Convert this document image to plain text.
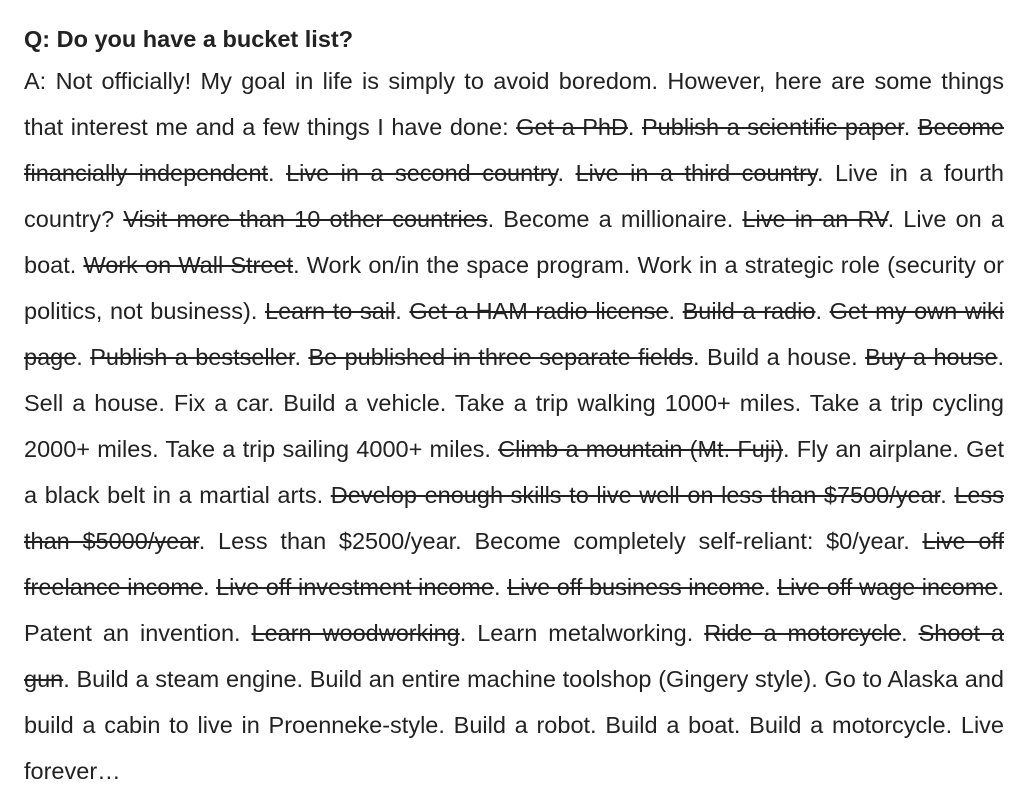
Q: Do you have a bucket list?

A: Not officially! My goal in life is simply to avoid boredom. However, here are some things that interest me and a few things I have done: Get a PhD. Publish a scientific paper. Become financially independent. Live in a second country. Live in a third country. Live in a fourth country? Visit more than 10 other countries. Become a millionaire. Live in an RV. Live on a boat. Work on Wall Street. Work on/in the space program. Work in a strategic role (security or politics, not business). Learn to sail. Get a HAM radio license. Build a radio. Get my own wiki page. Publish a bestseller. Be published in three separate fields. Build a house. Buy a house. Sell a house. Fix a car. Build a vehicle. Take a trip walking 1000+ miles. Take a trip cycling 2000+ miles. Take a trip sailing 4000+ miles. Climb a mountain (Mt. Fuji). Fly an airplane. Get a black belt in a martial arts. Develop enough skills to live well on less than $7500/year. Less than $5000/year. Less than $2500/year. Become completely self-reliant: $0/year. Live off freelance income. Live off investment income. Live off business income. Live off wage income. Patent an invention. Learn woodworking. Learn metalworking. Ride a motorcycle. Shoot a gun. Build a steam engine. Build an entire machine toolshop (Gingery style). Go to Alaska and build a cabin to live in Proenneke-style. Build a robot. Build a boat. Build a motorcycle. Live forever…
